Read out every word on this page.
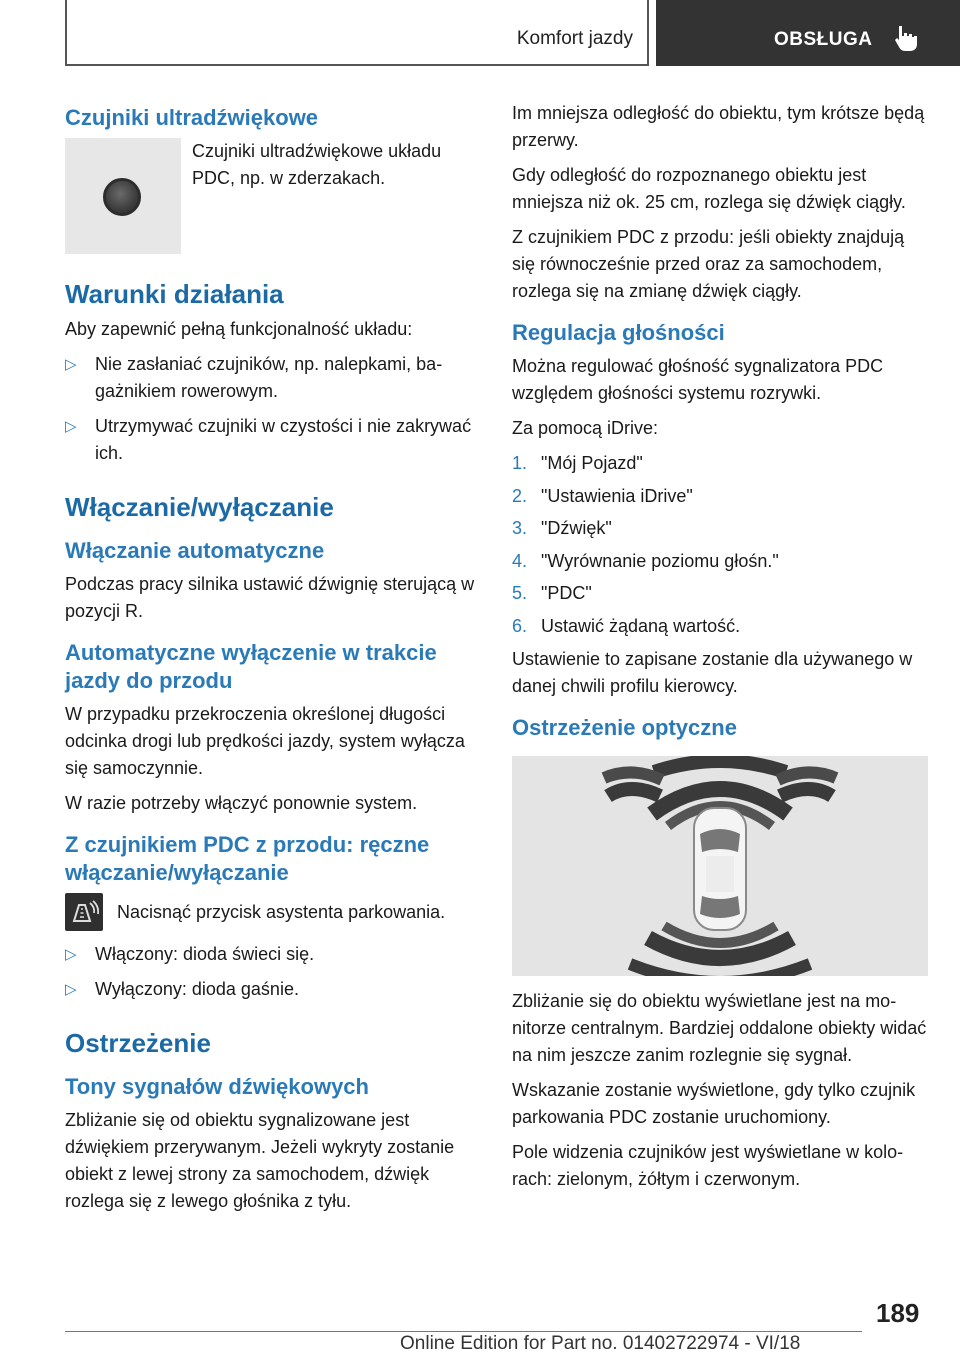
Komfort jazdy	OBSŁUGA
Czujniki ultradźwiękowe
Czujniki ultradźwiękowe układu PDC, np. w zderzakach.
Warunki działania

Aby zapewnić pełną funkcjonalność układu:

▷ Nie zasłaniać czujników, np. nalepkami, bagażnikiem rowerowym.
▷ Utrzymywać czujniki w czystości i nie zakrywać ich.
Włączanie/wyłączanie
Włączanie automatyczne

Podczas pracy silnika ustawić dźwignię sterującą w pozycji R.

Automatyczne wyłączenie w trakcie jazdy do przodu

W przypadku przekroczenia określonej długości odcinka drogi lub prędkości jazdy, system wyłącza się samoczynnie.

W razie potrzeby włączyć ponownie system.

Z czujnikiem PDC z przodu: ręczne włączanie/wyłączanie
Nacisnąć przycisk asystenta parkowania.
▷ Włączony: dioda świeci się.
▷ Wyłączony: dioda gaśnie.
Ostrzeżenie
Tony sygnałów dźwiękowych

Zbliżanie się od obiektu sygnalizowane jest dźwiękiem przerywanym. Jeżeli wykryty zostanie obiekt z lewej strony za samochodem, dźwięk rozlega się z lewego głośnika z tyłu.

Im mniejsza odległość do obiektu, tym krótsze będą przerwy.

Gdy odległość do rozpoznanego obiektu jest mniejsza niż ok. 25 cm, rozlega się dźwięk ciągły.

Z czujnikiem PDC z przodu: jeśli obiekty znajdują się równocześnie przed oraz za samochodem, rozlega się na zmianę dźwięk ciągły.

Regulacja głośności

Można regulować głośność sygnalizatora PDC względem głośności systemu rozrywki.

Za pomocą iDrive:

1. "Mój Pojazd"
2. "Ustawienia iDrive"
3. "Dźwięk"
4. "Wyrównanie poziomu głośn."
5. "PDC"
6. Ustawić żądaną wartość.

Ustawienie to zapisane zostanie dla używanego w danej chwili profilu kierowcy.

Ostrzeżenie optyczne

Zbliżanie się do obiektu wyświetlane jest na monitorze centralnym. Bardziej oddalone obiekty widać na nim jeszcze zanim rozlegnie się sygnał.

Wskazanie zostanie wyświetlone, gdy tylko czujnik parkowania PDC zostanie uruchomiony.

Pole widzenia czujników jest wyświetlane w kolorach: zielonym, żółtym i czerwonym.

189
Online Edition for Part no. 01402722974 - VI/18
